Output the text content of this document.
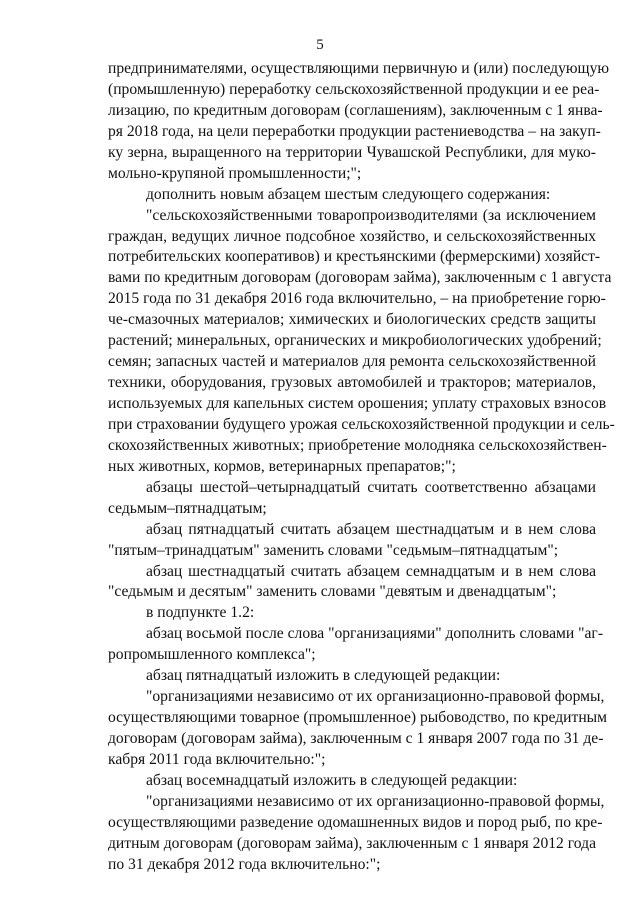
5
предпринимателями, осуществляющими первичную и (или) последующую
(промышленную) переработку сельскохозяйственной продукции и ее реа-
лизацию, по кредитным договорам (соглашениям), заключенным с 1 янва-
ря 2018 года, на цели переработки продукции растениеводства – на закуп-
ку зерна, выращенного на территории Чувашской Республики, для муко-
мольно-крупяной промышленности;";
дополнить новым абзацем шестым следующего содержания:
"сельскохозяйственными товаропроизводителями (за исключением
граждан, ведущих личное подсобное хозяйство, и сельскохозяйственных
потребительских кооперативов) и крестьянскими (фермерскими) хозяйст-
вами по кредитным договорам (договорам займа), заключенным с 1 августа
2015 года по 31 декабря 2016 года включительно, – на приобретение горю-
че-смазочных материалов; химических и биологических средств защиты
растений; минеральных, органических и микробиологических удобрений;
семян; запасных частей и материалов для ремонта сельскохозяйственной
техники, оборудования, грузовых автомобилей и тракторов; материалов,
используемых для капельных систем орошения; уплату страховых взносов
при страховании будущего урожая сельскохозяйственной продукции и сель-
скохозяйственных животных; приобретение молодняка сельскохозяйствен-
ных животных, кормов, ветеринарных препаратов;";
абзацы шестой–четырнадцатый считать соответственно абзацами
седьмым–пятнадцатым;
абзац пятнадцатый считать абзацем шестнадцатым и в нем слова
"пятым–тринадцатым" заменить словами "седьмым–пятнадцатым";
абзац шестнадцатый считать абзацем семнадцатым и в нем слова
"седьмым и десятым" заменить словами "девятым и двенадцатым";
в подпункте 1.2:
абзац восьмой после слова "организациями" дополнить словами "аг-
ропромышленного комплекса";
абзац пятнадцатый изложить в следующей редакции:
"организациями независимо от их организационно-правовой формы,
осуществляющими товарное (промышленное) рыбоводство, по кредитным
договорам (договорам займа), заключенным с 1 января 2007 года по 31 де-
кабря 2011 года включительно:";
абзац восемнадцатый изложить в следующей редакции:
"организациями независимо от их организационно-правовой формы,
осуществляющими разведение одомашненных видов и пород рыб, по кре-
дитным договорам (договорам займа), заключенным с 1 января 2012 года
по 31 декабря 2012 года включительно:";
